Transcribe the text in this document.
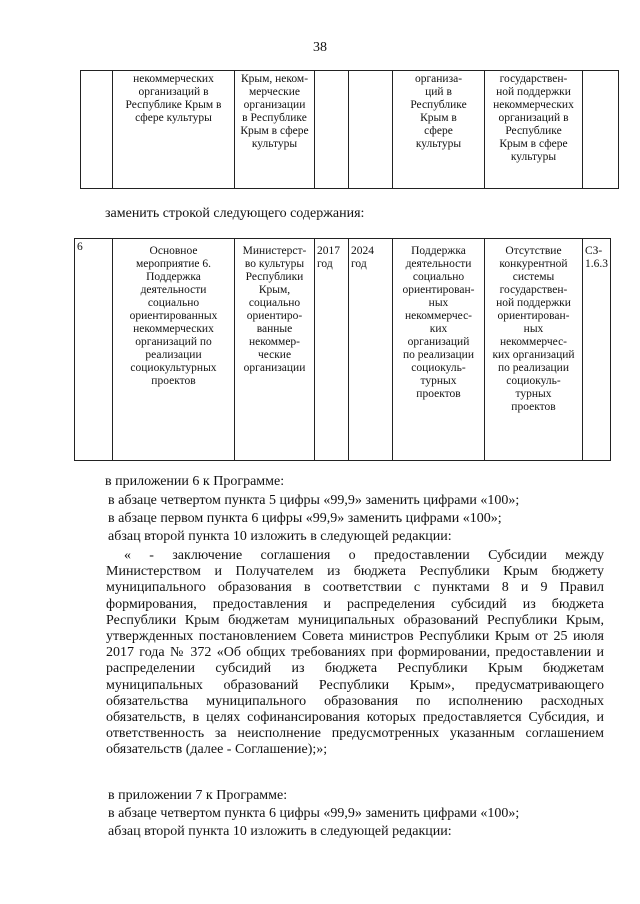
38
	некоммерческих
организаций в
Республике Крым в
сфере культуры	Крым, неком-
мерческие
организации
в Республике
Крым в сфере
культуры			организа-
ций в
Республике
Крым в
сфере
культуры	государствен-
ной поддержки
некоммерческих
организаций в
Республике
Крым в сфере
культуры	

заменить строкой следующего содержания:

6	Основное
мероприятие 6.
Поддержка
деятельности
социально
ориентированных
некоммерческих
организаций по
реализации
социокультурных
проектов	Министерст-
во культуры
Республики
Крым,
социально
ориентиро-
ванные
некоммер-
ческие
организации	2017
год	2024
год	Поддержка
деятельности
социально
ориентирован-
ных
некоммерчес-
ких
организаций
по реализации
социокуль-
турных
проектов	Отсутствие
конкурентной
системы
государствен-
ной поддержки
ориентирован-
ных
некоммерчес-
ких организаций
по реализации
социокуль-
турных
проектов	СЗ-
1.6.3

в приложении 6 к Программе:

в абзаце четвертом пункта 5 цифры «99,9» заменить цифрами «100»;

в абзаце первом пункта 6 цифры «99,9» заменить цифрами «100»;

абзац второй пункта 10 изложить в следующей редакции:

« - заключение соглашения о предоставлении Субсидии между
Министерством и Получателем из бюджета Республики Крым бюджету
муниципального образования в соответствии с пунктами 8 и 9 Правил
формирования, предоставления и распределения субсидий из бюджета
Республики Крым бюджетам муниципальных образований Республики Крым,
утвержденных постановлением Совета министров Республики Крым от 25 июля
2017 года № 372 «Об общих требованиях при формировании, предоставлении и
распределении субсидий из бюджета Республики Крым бюджетам
муниципальных образований Республики Крым», предусматривающего
обязательства муниципального образования по исполнению расходных
обязательств, в целях софинансирования которых предоставляется Субсидия, и
ответственность за неисполнение предусмотренных указанным соглашением
обязательств (далее - Соглашение);»;

в приложении 7 к Программе:

в абзаце четвертом пункта 6 цифры «99,9» заменить цифрами «100»;

абзац второй пункта 10 изложить в следующей редакции:
